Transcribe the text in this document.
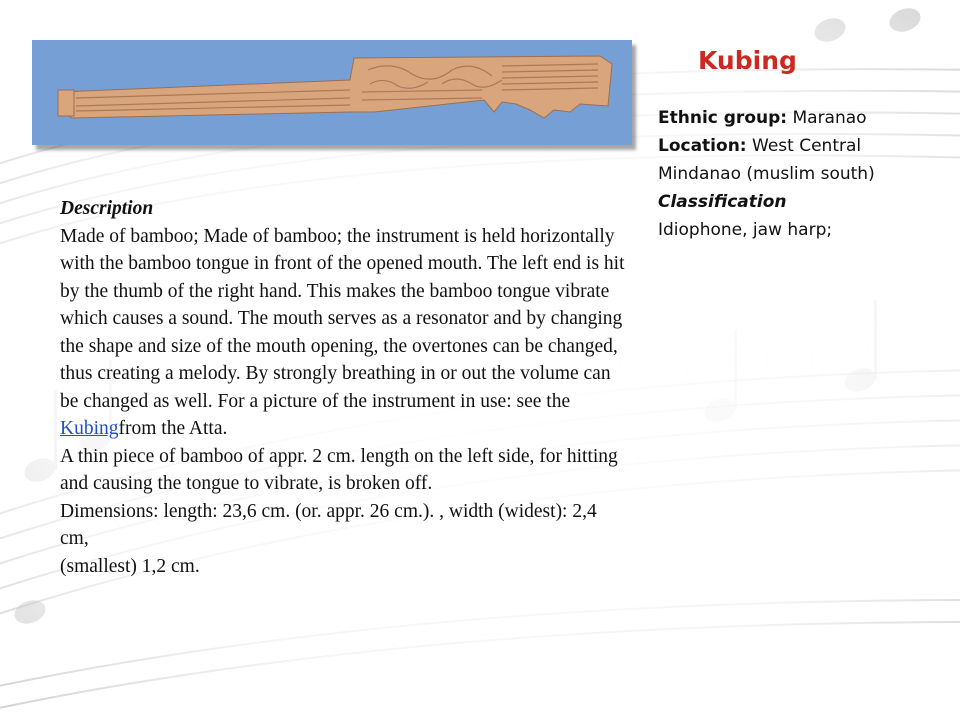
Kubing
Ethnic group: Maranao
Location: West Central
Mindanao (muslim south)
Classification
Idiophone, jaw harp;

Description

Made of bamboo; Made of bamboo; the instrument is held horizontally with the bamboo tongue in front of the opened mouth. The left end is hit by the thumb of the right hand. This makes the bamboo tongue vibrate which causes a sound. The mouth serves as a resonator and by changing the shape and size of the mouth opening, the overtones can be changed, thus creating a melody. By strongly breathing in or out the volume can be changed as well. For a picture of the instrument in use: see the Kubingfrom the Atta.

A thin piece of bamboo of appr. 2 cm. length on the left side, for hitting and causing the tongue to vibrate, is broken off.

Dimensions: length: 23,6 cm. (or. appr. 26 cm.). , width (widest): 2,4 cm,

(smallest) 1,2 cm.
